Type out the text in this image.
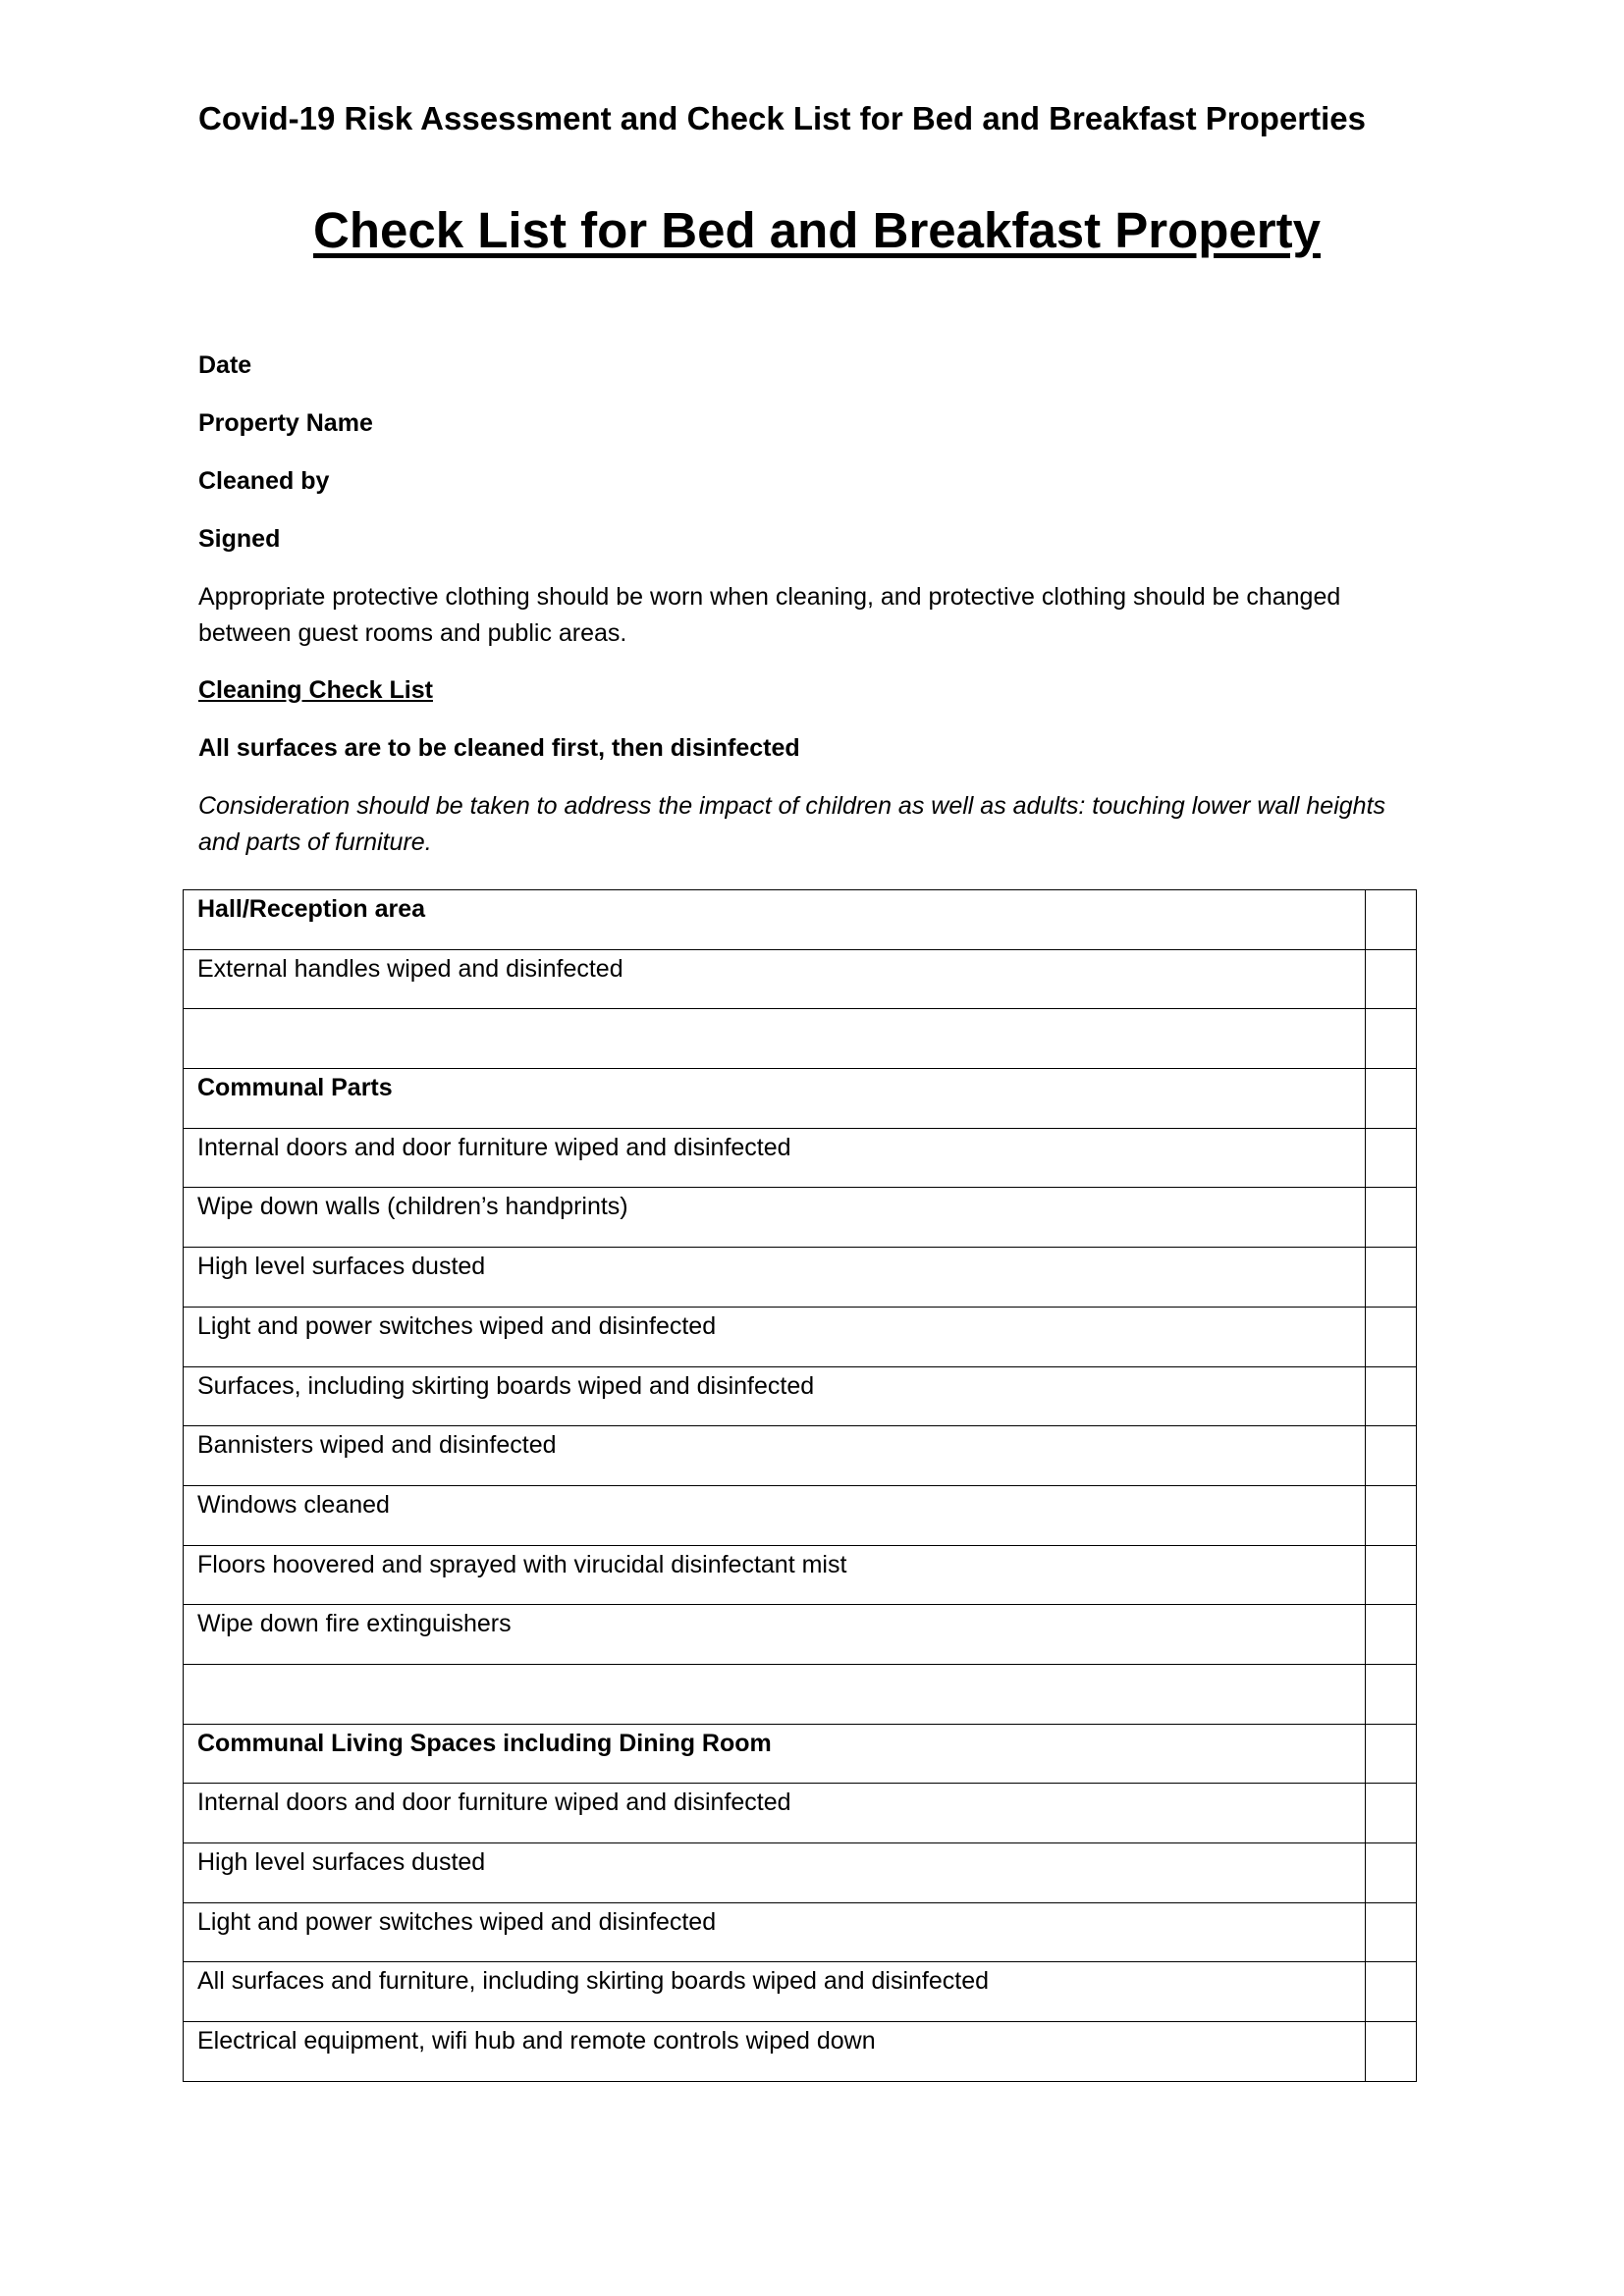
Covid-19 Risk Assessment and Check List for Bed and Breakfast Properties
Check List for Bed and Breakfast Property
Date
Property Name
Cleaned by
Signed

Appropriate protective clothing should be worn when cleaning, and protective clothing should be changed between guest rooms and public areas.

Cleaning Check List
All surfaces are to be cleaned first, then disinfected

Consideration should be taken to address the impact of children as well as adults: touching lower wall heights and parts of furniture.

Hall/Reception area	
External handles wiped and disinfected	

Communal Parts	
Internal doors and door furniture wiped and disinfected	
Wipe down walls (children’s handprints)	
High level surfaces dusted	
Light and power switches wiped and disinfected	
Surfaces, including skirting boards wiped and disinfected	
Bannisters wiped and disinfected	
Windows cleaned	
Floors hoovered and sprayed with virucidal disinfectant mist	
Wipe down fire extinguishers	

Communal Living Spaces including Dining Room	
Internal doors and door furniture wiped and disinfected	
High level surfaces dusted	
Light and power switches wiped and disinfected	
All surfaces and furniture, including skirting boards wiped and disinfected	
Electrical equipment, wifi hub and remote controls wiped down	
